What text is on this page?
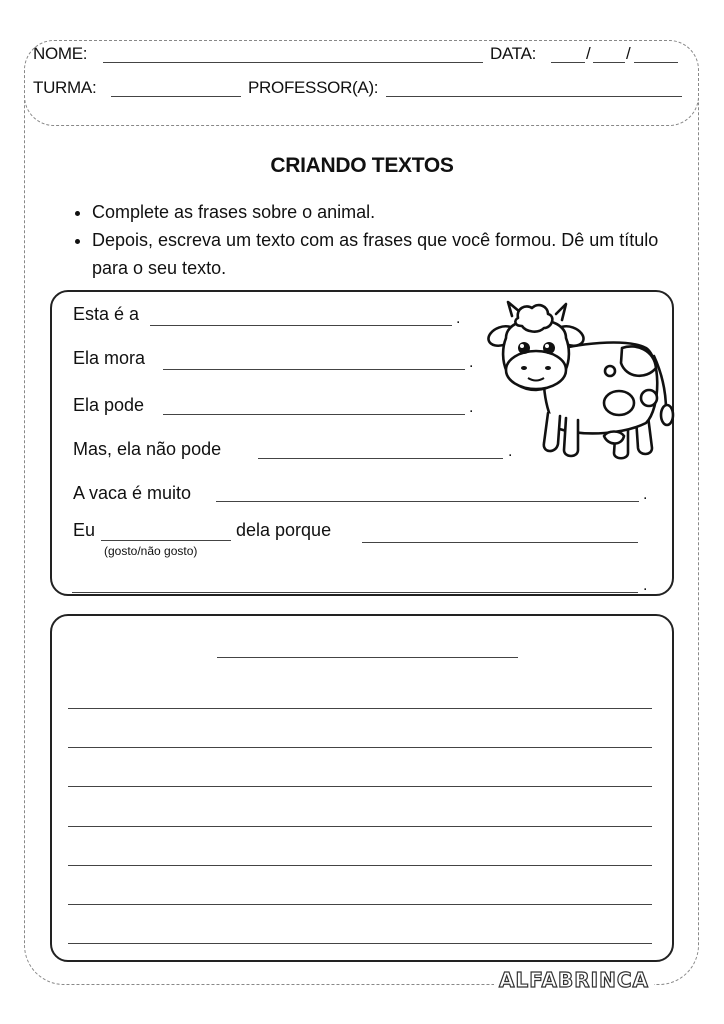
NOME:	DATA:	/ /
TURMA:	PROFESSOR(A):
CRIANDO TEXTOS
• Complete as frases sobre o animal.
• Depois, escreva um texto com as frases que você formou. Dê um título para o seu texto.
Esta é a	.
Ela mora	.
Ela pode	.
Mas, ela não pode	.
A vaca é muito	.
Eu
(gosto/não gosto)
dela porque
.
ALFABRINCA
